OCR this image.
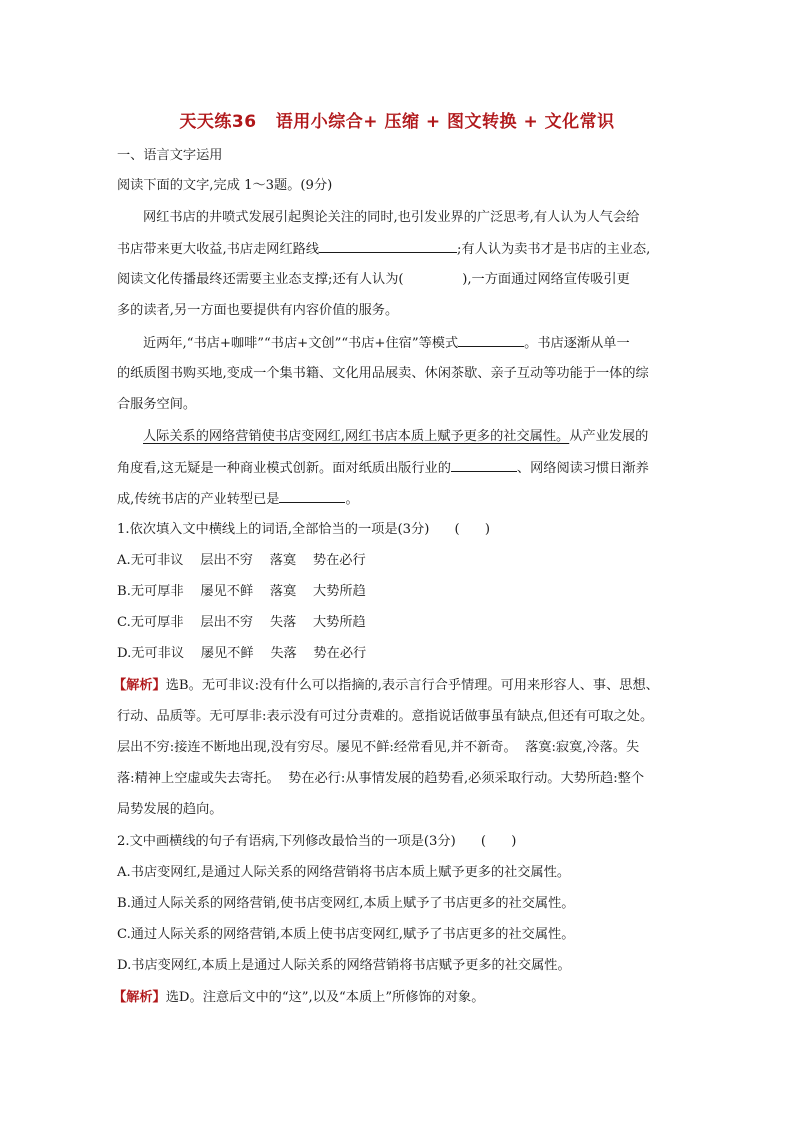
天天练36   语用小综合+ 压缩 + 图文转换 + 文化常识
一、语言文字运用
阅读下面的文字,完成 1～3题。(9分)
网红书店的井喷式发展引起舆论关注的同时,也引发业界的广泛思考,有人认为人气会给
书店带来更大收益,书店走网红路线	;有人认为卖书才是书店的主业态,
阅读文化传播最终还需要主业态支撑;还有人认为(              ),一方面通过网络宣传吸引更
多的读者,另一方面也要提供有内容价值的服务。
近两年,“书店+咖啡”“书店+文创”“书店+住宿”等模式	。书店逐渐从单一
的纸质图书购买地,变成一个集书籍、文化用品展卖、休闲茶歇、亲子互动等功能于一体的综
合服务空间。
人际关系的网络营销使书店变网红,网红书店本质上赋予更多的社交属性。从产业发展的
角度看,这无疑是一种商业模式创新。面对纸质出版行业的	、网络阅读习惯日渐养
成,传统书店的产业转型已是	。
1.依次填入文中横线上的词语,全部恰当的一项是(3分)      (      )
A.无可非议    层出不穷    落寞    势在必行
B.无可厚非    屡见不鲜    落寞    大势所趋
C.无可厚非    层出不穷    失落    大势所趋
D.无可非议    屡见不鲜    失落    势在必行
【解析】选B。无可非议:没有什么可以指摘的,表示言行合乎情理。可用来形容人、事、思想、
行动、品质等。无可厚非:表示没有可过分责难的。意指说话做事虽有缺点,但还有可取之处。
层出不穷:接连不断地出现,没有穷尽。屡见不鲜:经常看见,并不新奇。  落寞:寂寞,冷落。失
落:精神上空虚或失去寄托。  势在必行:从事情发展的趋势看,必须采取行动。大势所趋:整个
局势发展的趋向。
2.文中画横线的句子有语病,下列修改最恰当的一项是(3分)      (      )
A.书店变网红,是通过人际关系的网络营销将书店本质上赋予更多的社交属性。
B.通过人际关系的网络营销,使书店变网红,本质上赋予了书店更多的社交属性。
C.通过人际关系的网络营销,本质上使书店变网红,赋予了书店更多的社交属性。
D.书店变网红,本质上是通过人际关系的网络营销将书店赋予更多的社交属性。
【解析】选D。注意后文中的“这”,以及“本质上”所修饰的对象。
